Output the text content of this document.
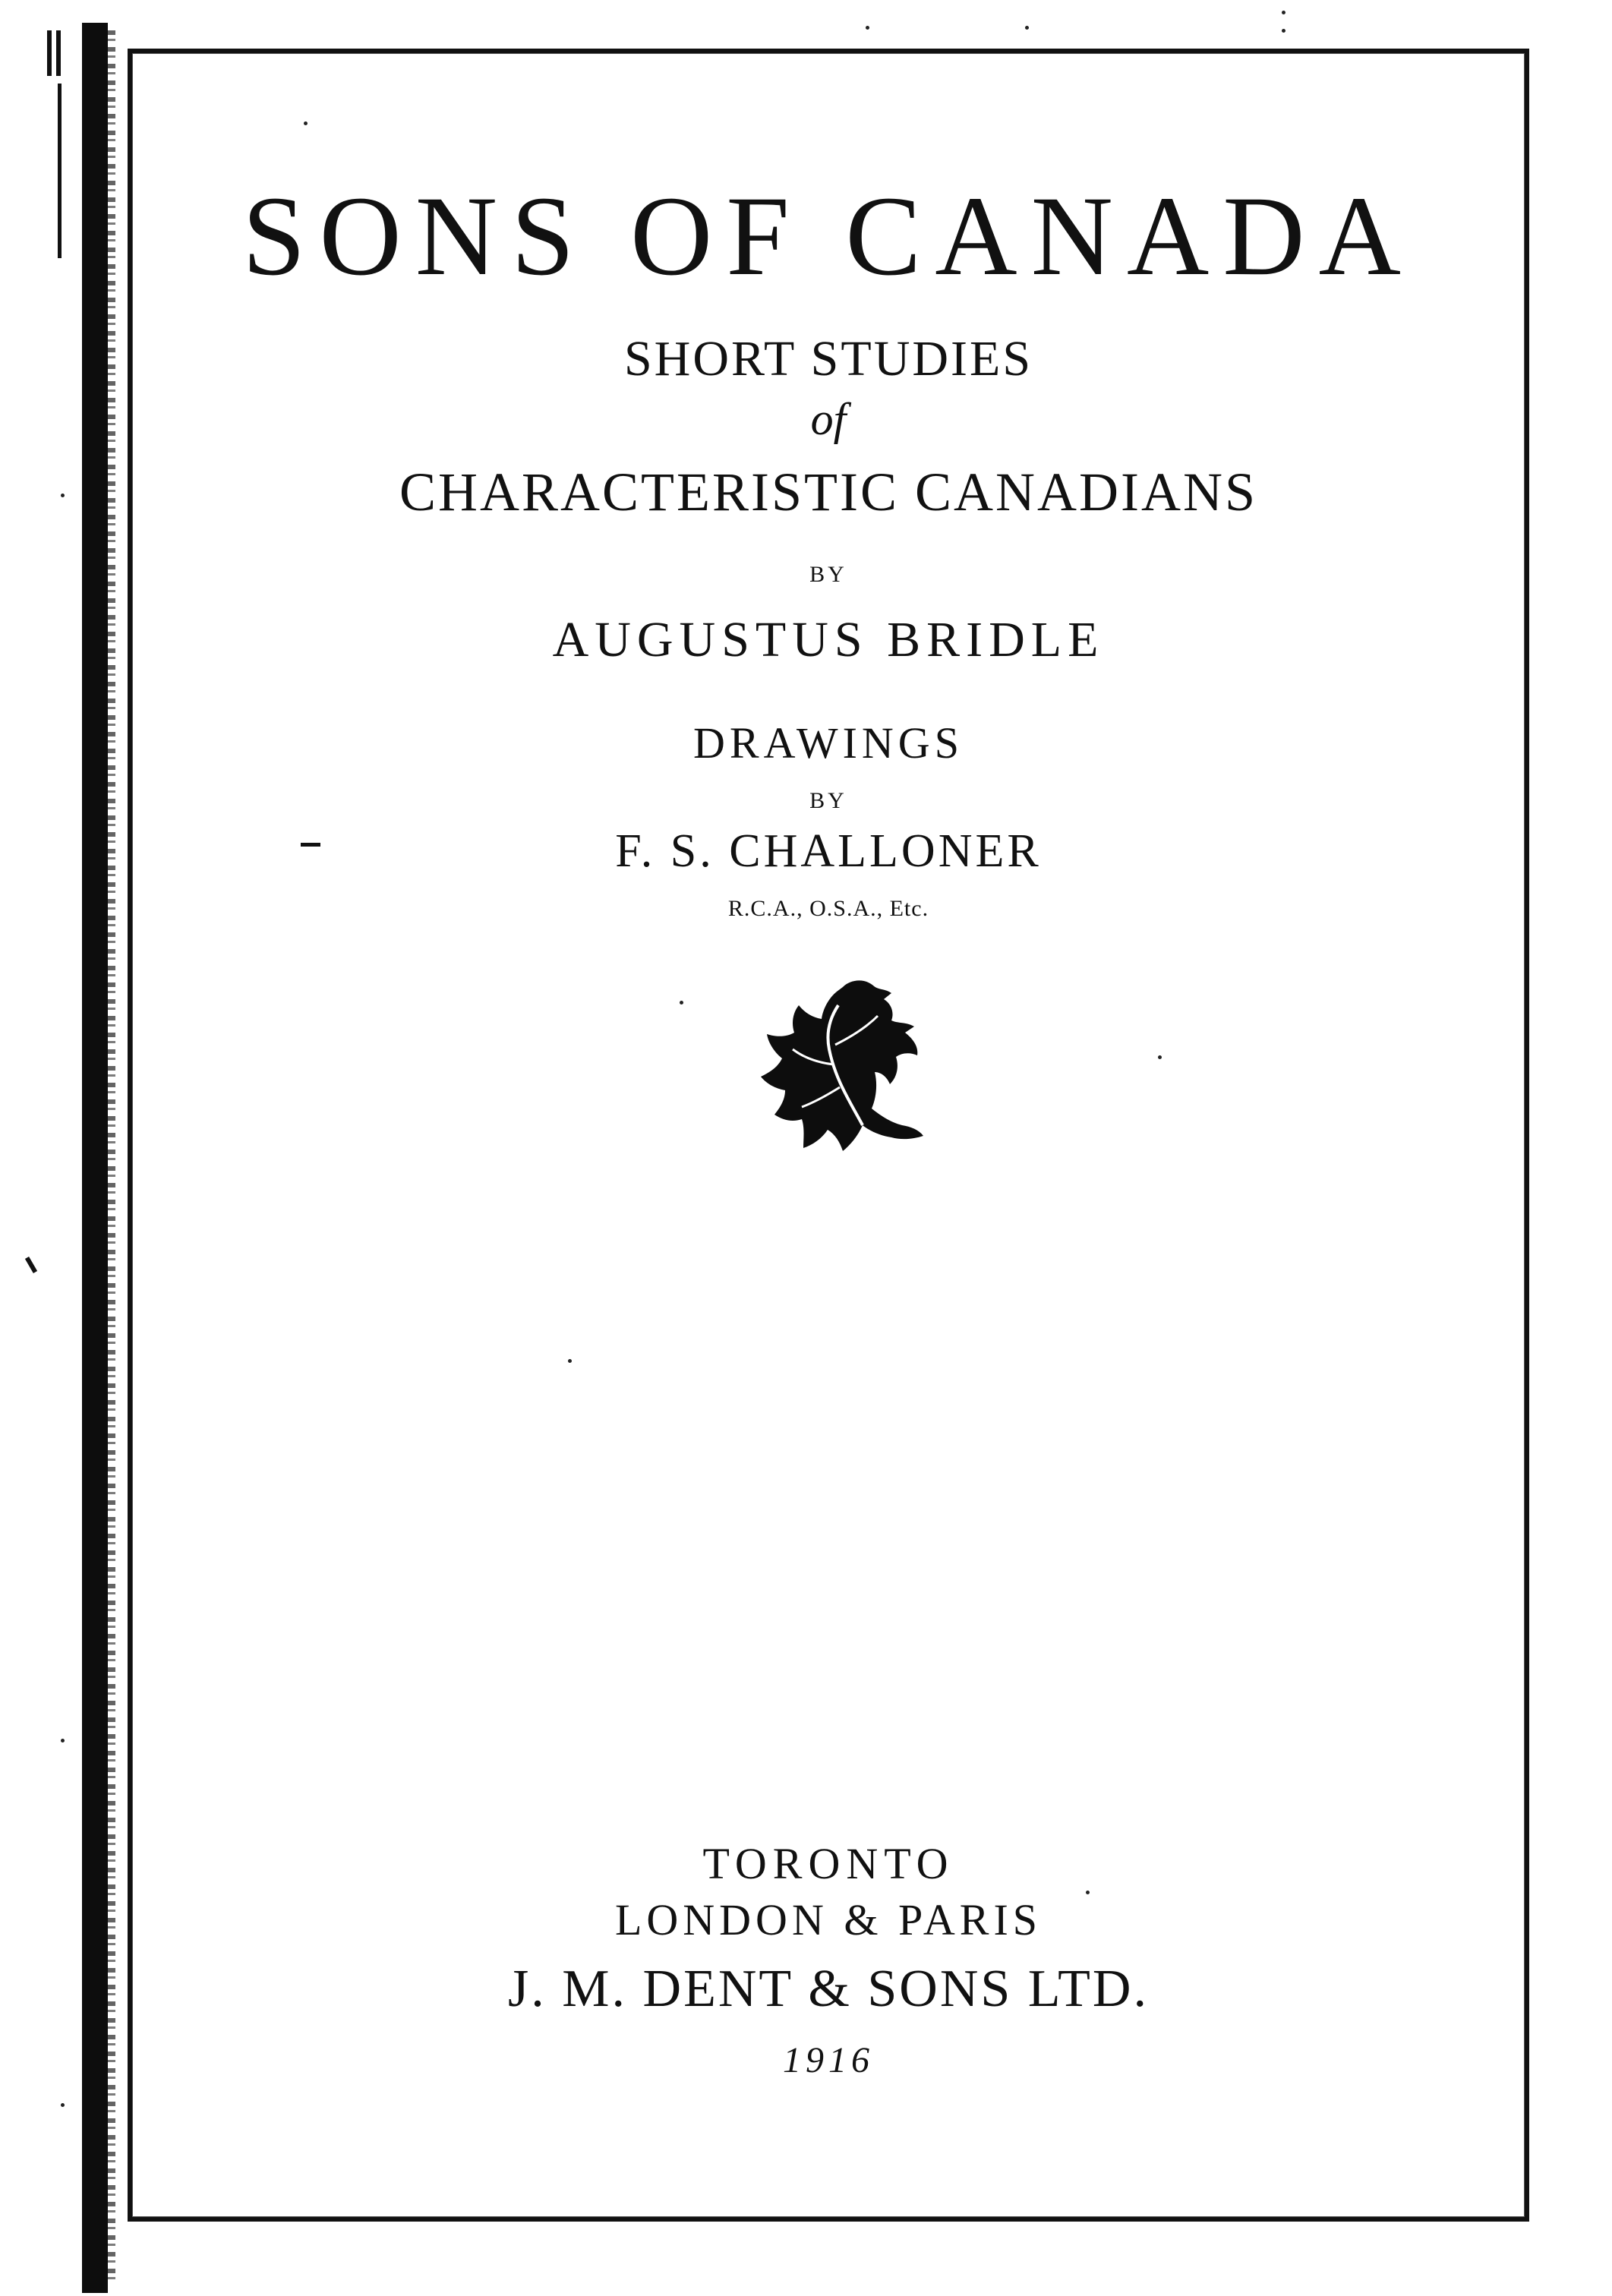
SONS OF CANADA
SHORT STUDIES
of
CHARACTERISTIC CANADIANS
BY
AUGUSTUS BRIDLE
DRAWINGS
BY
F. S. CHALLONER
R.C.A., O.S.A., Etc.
TORONTO
LONDON & PARIS
J. M. DENT & SONS LTD.
1916
